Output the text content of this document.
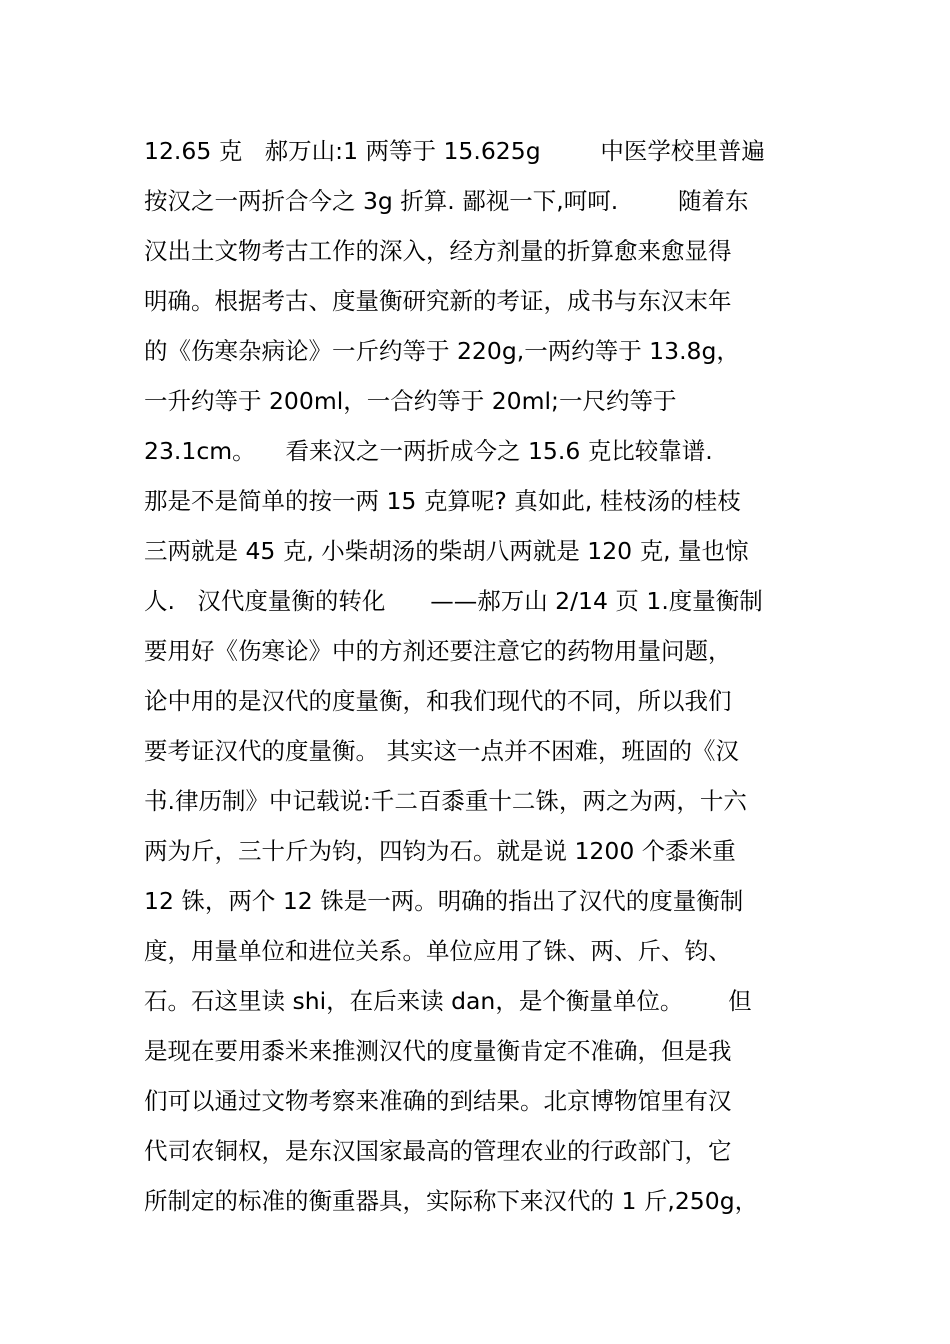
12.65 克   郝万山:1 两等于 15.625g        中医学校里普遍
按汉之一两折合今之 3g 折算. 鄙视一下,呵呵.        随着东
汉出土文物考古工作的深入，经方剂量的折算愈来愈显得
明确。根据考古、度量衡研究新的考证，成书与东汉末年
的《伤寒杂病论》一斤约等于 220g,一两约等于 13.8g，
一升约等于 200ml，一合约等于 20ml;一尺约等于
23.1cm。    看来汉之一两折成今之 15.6 克比较靠谱.
那是不是简单的按一两 15 克算呢? 真如此, 桂枝汤的桂枝
三两就是 45 克, 小柴胡汤的柴胡八两就是 120 克, 量也惊
人.   汉代度量衡的转化      ——郝万山 2/14 页 1.度量衡制
要用好《伤寒论》中的方剂还要注意它的药物用量问题，
论中用的是汉代的度量衡，和我们现代的不同，所以我们
要考证汉代的度量衡。 其实这一点并不困难，班固的《汉
书.律历制》中记载说:千二百黍重十二铢，两之为两，十六
两为斤，三十斤为钧，四钧为石。就是说 1200 个黍米重
12 铢，两个 12 铢是一两。明确的指出了汉代的度量衡制
度，用量单位和进位关系。单位应用了铢、两、斤、钧、
石。石这里读 shi，在后来读 dan，是个衡量单位。      但
是现在要用黍米来推测汉代的度量衡肯定不准确，但是我
们可以通过文物考察来准确的到结果。北京博物馆里有汉
代司农铜权，是东汉国家最高的管理农业的行政部门，它
所制定的标准的衡重器具，实际称下来汉代的 1 斤,250g，
